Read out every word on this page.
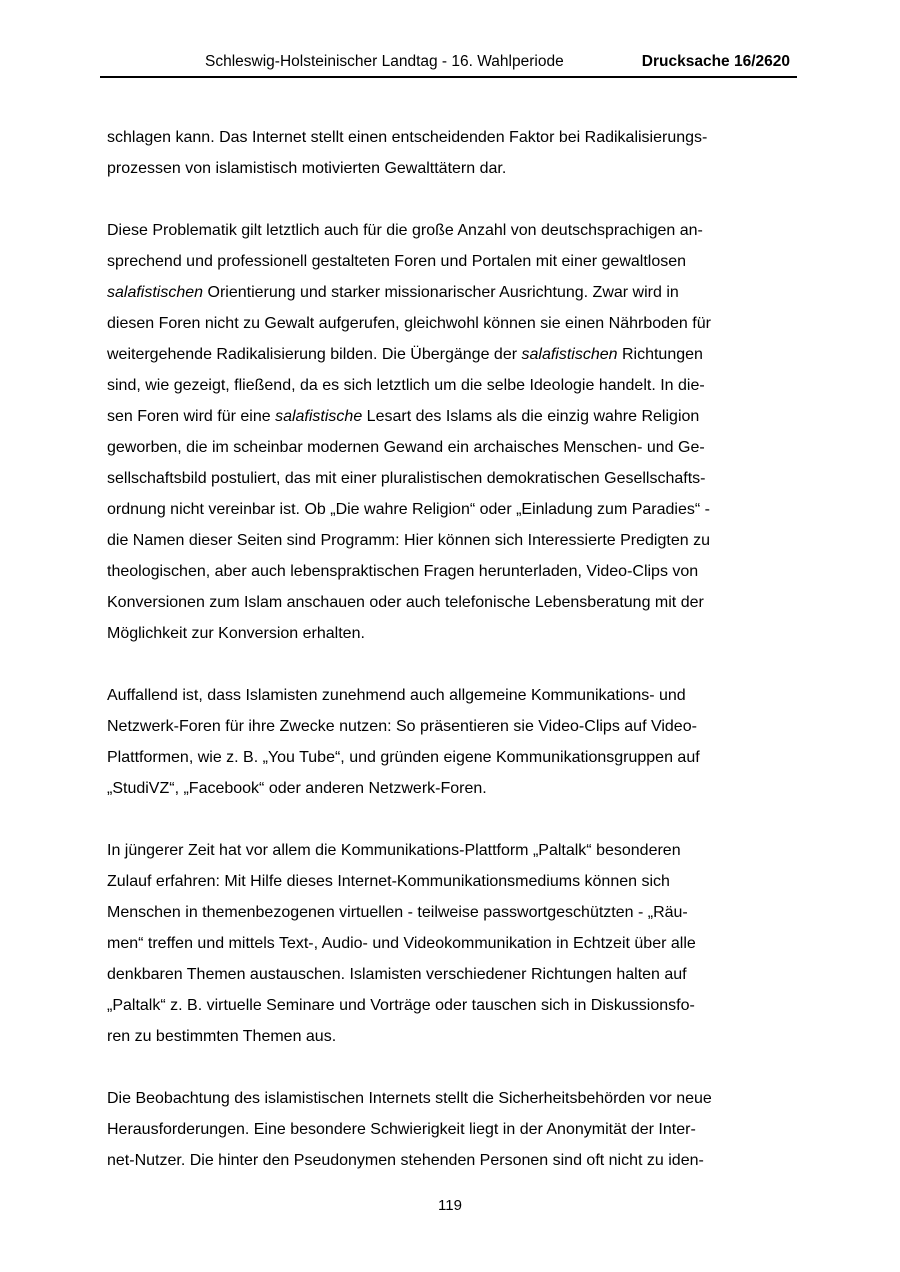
Schleswig-Holsteinischer Landtag - 16. Wahlperiode	Drucksache 16/2620
schlagen kann. Das Internet stellt einen entscheidenden Faktor bei Radikalisierungs-
prozessen von islamistisch motivierten Gewalttätern dar.
Diese Problematik gilt letztlich auch für die große Anzahl von deutschsprachigen an-
sprechend und professionell gestalteten Foren und Portalen mit einer gewaltlosen
salafistischen Orientierung und starker missionarischer Ausrichtung. Zwar wird in
diesen Foren nicht zu Gewalt aufgerufen, gleichwohl können sie einen Nährboden für
weitergehende Radikalisierung bilden. Die Übergänge der salafistischen Richtungen
sind, wie gezeigt, fließend, da es sich letztlich um die selbe Ideologie handelt. In die-
sen Foren wird für eine salafistische Lesart des Islams als die einzig wahre Religion
geworben, die im scheinbar modernen Gewand ein archaisches Menschen- und Ge-
sellschaftsbild postuliert, das mit einer pluralistischen demokratischen Gesellschafts-
ordnung nicht vereinbar ist. Ob „Die wahre Religion“ oder „Einladung zum Paradies“ -
die Namen dieser Seiten sind Programm: Hier können sich Interessierte Predigten zu
theologischen, aber auch lebenspraktischen Fragen herunterladen, Video-Clips von
Konversionen zum Islam anschauen oder auch telefonische Lebensberatung mit der
Möglichkeit zur Konversion erhalten.
Auffallend ist, dass Islamisten zunehmend auch allgemeine Kommunikations- und
Netzwerk-Foren für ihre Zwecke nutzen: So präsentieren sie Video-Clips auf Video-
Plattformen, wie z. B. „You Tube“, und gründen eigene Kommunikationsgruppen auf
„StudiVZ“, „Facebook“ oder anderen Netzwerk-Foren.
In jüngerer Zeit hat vor allem die Kommunikations-Plattform „Paltalk“ besonderen
Zulauf erfahren: Mit Hilfe dieses Internet-Kommunikationsmediums können sich
Menschen in themenbezogenen virtuellen - teilweise passwortgeschützten - „Räu-
men“ treffen und mittels Text-, Audio- und Videokommunikation in Echtzeit über alle
denkbaren Themen austauschen. Islamisten verschiedener Richtungen halten auf
„Paltalk“ z. B. virtuelle Seminare und Vorträge oder tauschen sich in Diskussionsfo-
ren zu bestimmten Themen aus.
Die Beobachtung des islamistischen Internets stellt die Sicherheitsbehörden vor neue
Herausforderungen. Eine besondere Schwierigkeit liegt in der Anonymität der Inter-
net-Nutzer. Die hinter den Pseudonymen stehenden Personen sind oft nicht zu iden-
119
